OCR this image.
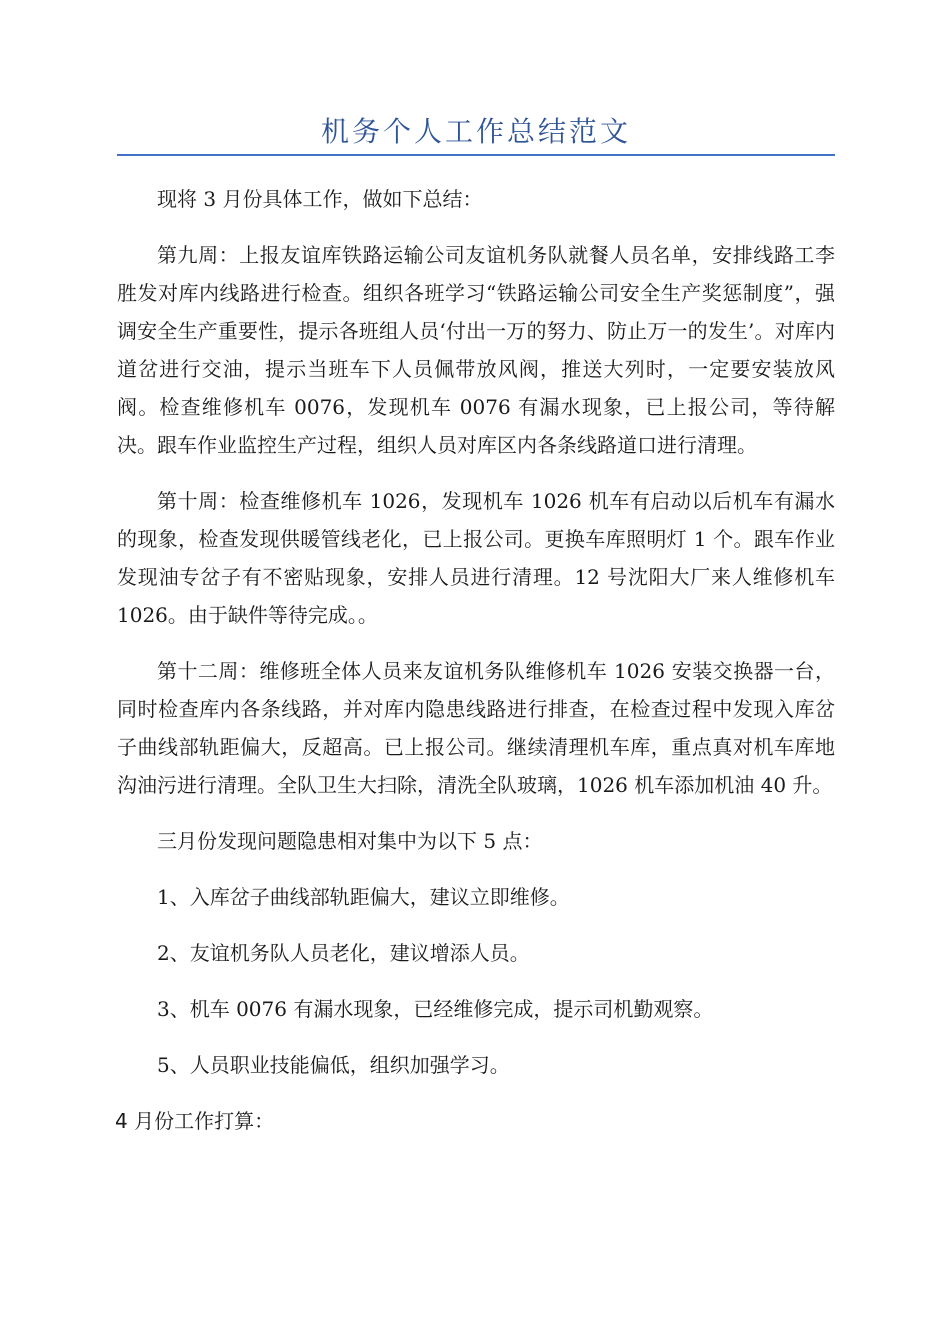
机务个人工作总结范文

现将 3 月份具体工作，做如下总结：

第九周：上报友谊库铁路运输公司友谊机务队就餐人员名单，安排线路工李胜发对库内线路进行检查。组织各班学习“铁路运输公司安全生产奖惩制度”，强调安全生产重要性，提示各班组人员‘付出一万的努力、防止万一的发生’。对库内道岔进行交油，提示当班车下人员佩带放风阀，推送大列时，一定要安装放风阀。检查维修机车 0076，发现机车 0076 有漏水现象，已上报公司，等待解决。跟车作业监控生产过程，组织人员对库区内各条线路道口进行清理。

第十周：检查维修机车 1026，发现机车 1026 机车有启动以后机车有漏水的现象，检查发现供暖管线老化，已上报公司。更换车库照明灯 1 个。跟车作业发现油专岔子有不密贴现象，安排人员进行清理。12 号沈阳大厂来人维修机车 1026。由于缺件等待完成。。

第十二周：维修班全体人员来友谊机务队维修机车 1026 安装交换器一台，同时检查库内各条线路，并对库内隐患线路进行排查，在检查过程中发现入库岔子曲线部轨距偏大，反超高。已上报公司。继续清理机车库，重点真对机车库地沟油污进行清理。全队卫生大扫除，清洗全队玻璃，1026 机车添加机油 40 升。

三月份发现问题隐患相对集中为以下 5 点：

1、入库岔子曲线部轨距偏大，建议立即维修。

2、友谊机务队人员老化，建议增添人员。

3、机车 0076 有漏水现象，已经维修完成，提示司机勤观察。

5、人员职业技能偏低，组织加强学习。

4 月份工作打算：
